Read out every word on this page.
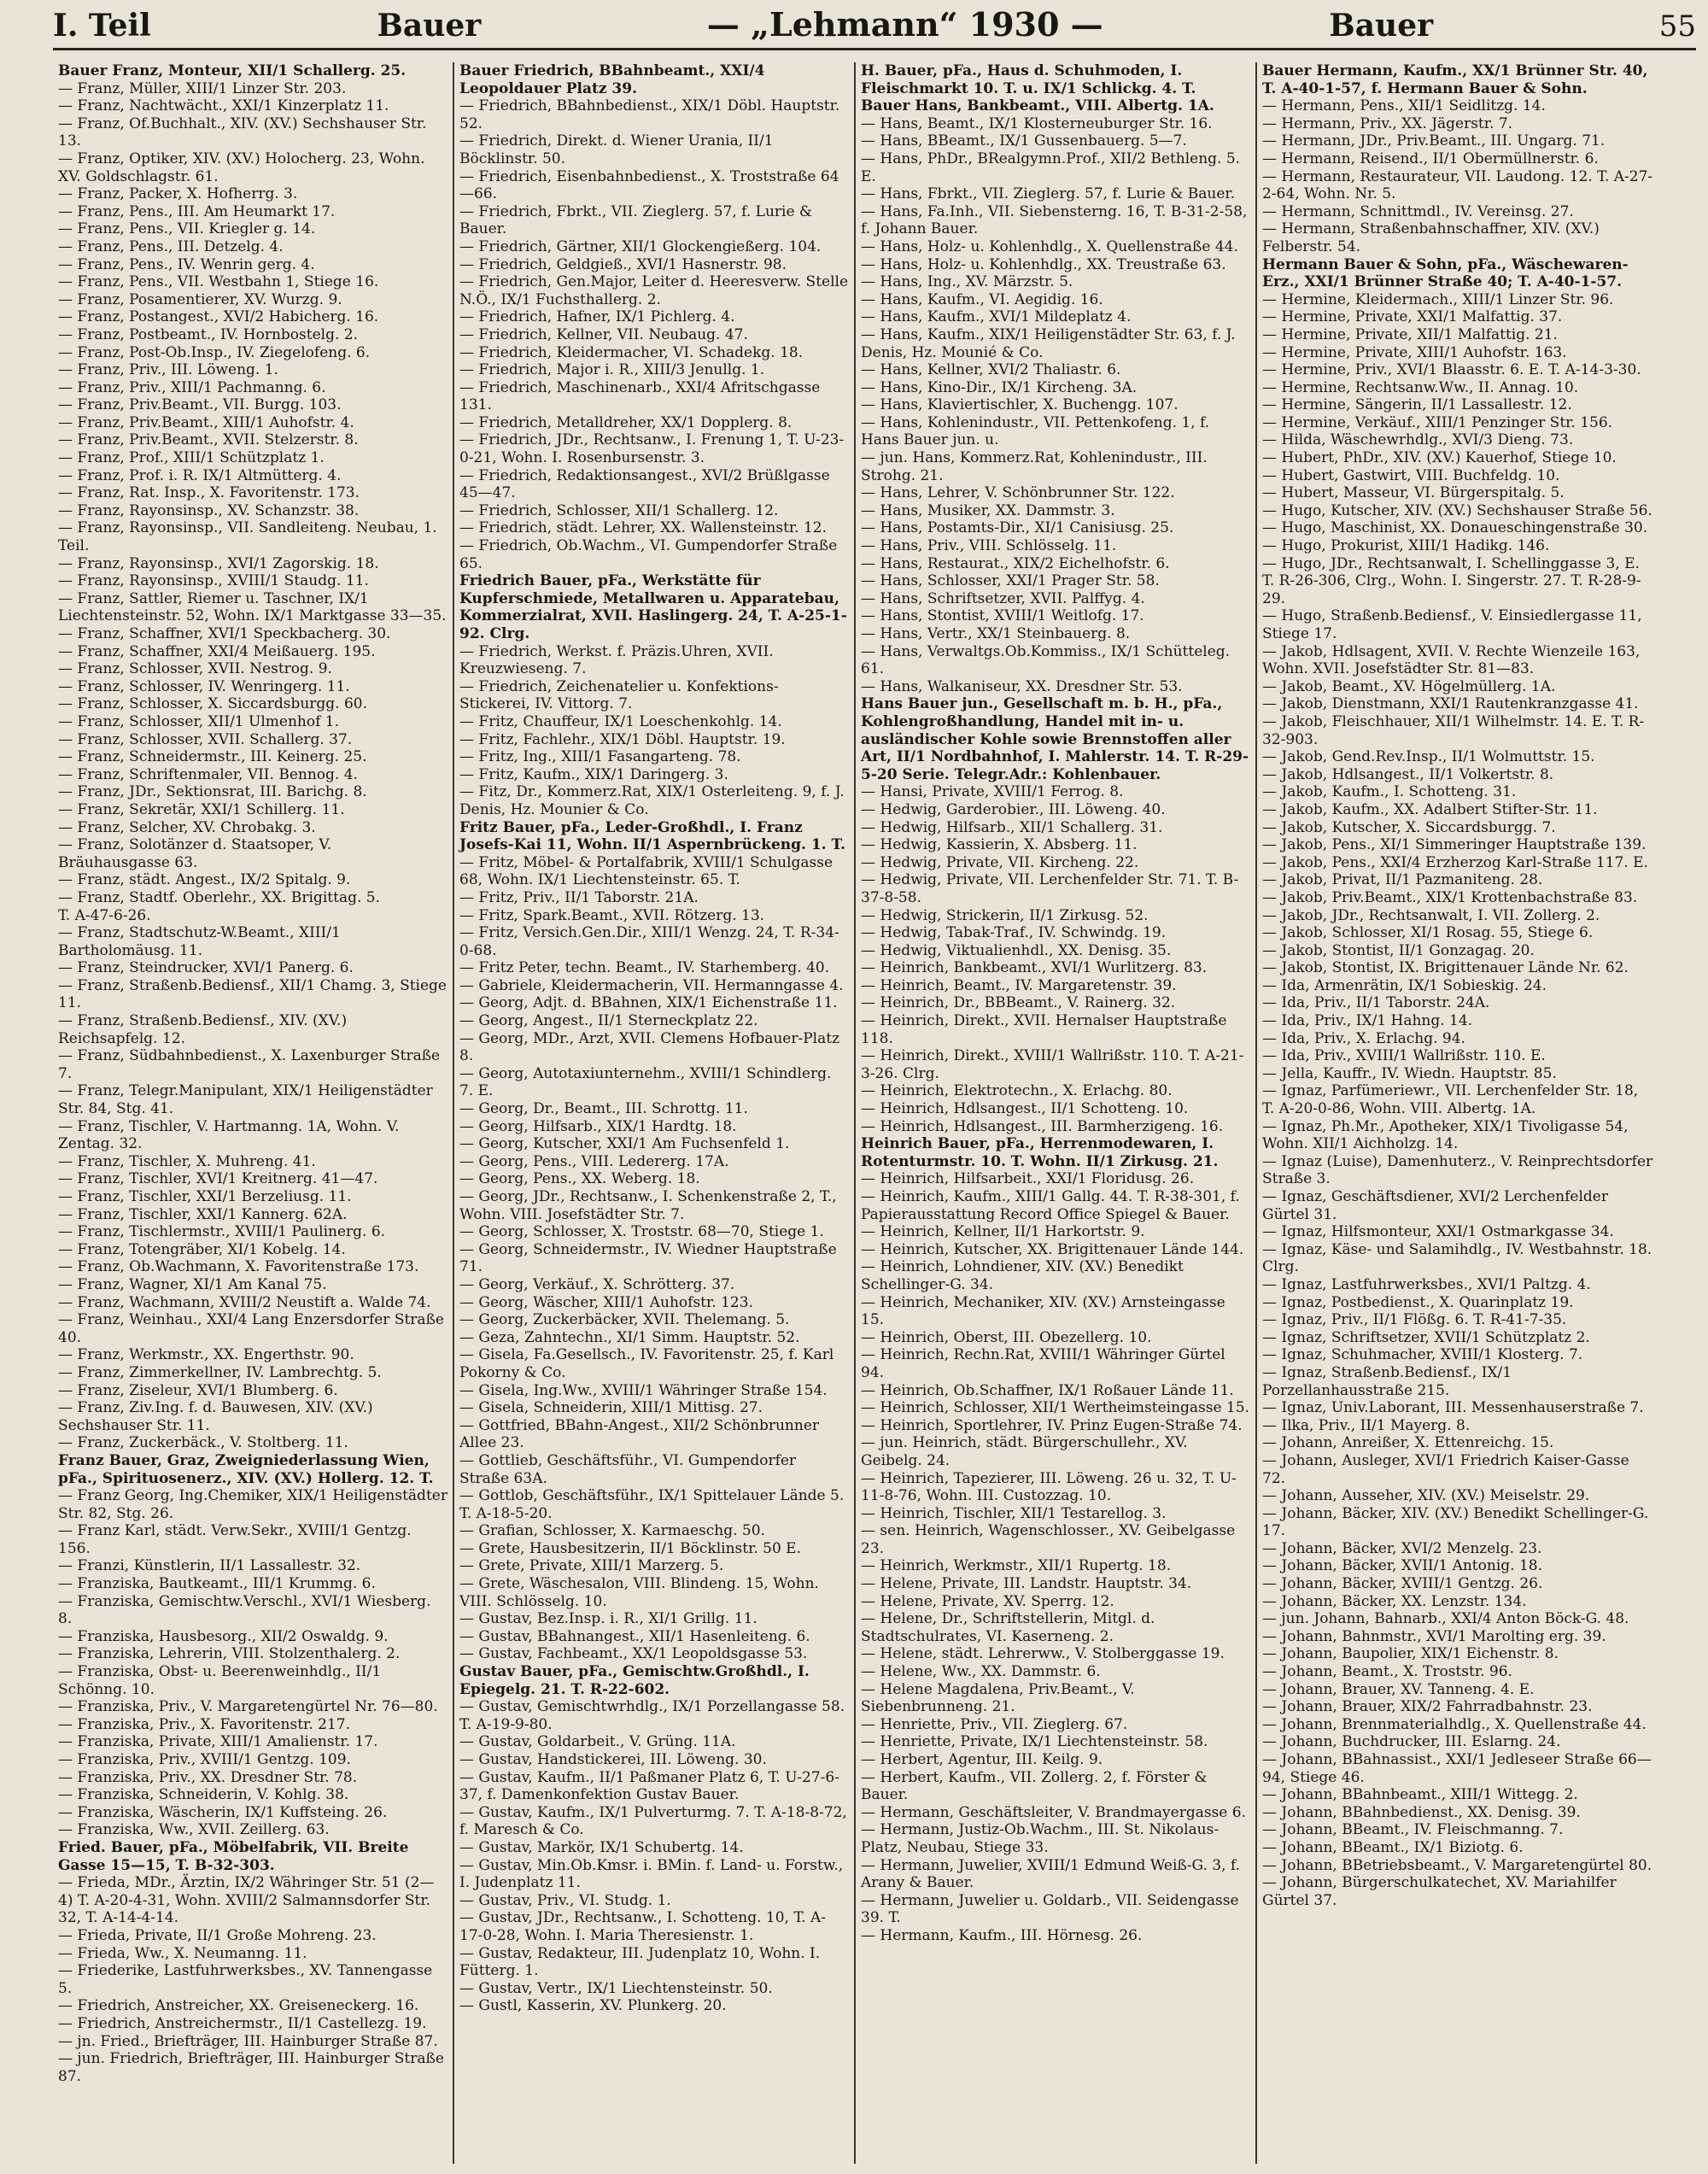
I. Teil	Bauer	— „Lehmann“ 1930 —	Bauer	55

Bauer Franz, Monteur, XII/1 Schallerg. 25.

— Franz, Müller, XIII/1 Linzer Str. 203.

— Franz, Nachtwächt., XXI/1 Kinzerplatz 11.

— Franz, Of.Buchhalt., XIV. (XV.) Sechshauser Str. 13.

— Franz, Optiker, XIV. (XV.) Holocherg. 23, Wohn. XV. Goldschlagstr. 61.

— Franz, Packer, X. Hofherrg. 3.

— Franz, Pens., III. Am Heumarkt 17.

— Franz, Pens., VII. Kriegler g. 14.

— Franz, Pens., III. Detzelg. 4.

— Franz, Pens., IV. Wenrin gerg. 4.

— Franz, Pens., VII. Westbahn 1, Stiege 16.

— Franz, Posamentierer, XV. Wurzg. 9.

— Franz, Postangest., XVI/2 Habicherg. 16.

— Franz, Postbeamt., IV. Hornbostelg. 2.

— Franz, Post-Ob.Insp., IV. Ziegelofeng. 6.

— Franz, Priv., III. Löweng. 1.

— Franz, Priv., XIII/1 Pachmanng. 6.

— Franz, Priv.Beamt., VII. Burgg. 103.

— Franz, Priv.Beamt., XIII/1 Auhofstr. 4.

— Franz, Priv.Beamt., XVII. Stelzerstr. 8.

— Franz, Prof., XIII/1 Schützplatz 1.

— Franz, Prof. i. R. IX/1 Altmütterg. 4.

— Franz, Rat. Insp., X. Favoritenstr. 173.

— Franz, Rayonsinsp., XV. Schanzstr. 38.

— Franz, Rayonsinsp., VII. Sandleiteng. Neubau, 1. Teil.

— Franz, Rayonsinsp., XVI/1 Zagorskig. 18.

— Franz, Rayonsinsp., XVIII/1 Staudg. 11.

— Franz, Sattler, Riemer u. Taschner, IX/1 Liechtensteinstr. 52, Wohn. IX/1 Marktgasse 33—35.

— Franz, Schaffner, XVI/1 Speckbacherg. 30.

— Franz, Schaffner, XXI/4 Meißauerg. 195.

— Franz, Schlosser, XVII. Nestrog. 9.

— Franz, Schlosser, IV. Wenringerg. 11.

— Franz, Schlosser, X. Siccardsburgg. 60.

— Franz, Schlosser, XII/1 Ulmenhof 1.

— Franz, Schlosser, XVII. Schallerg. 37.

— Franz, Schneidermstr., III. Keinerg. 25.

— Franz, Schriftenmaler, VII. Bennog. 4.

— Franz, JDr., Sektionsrat, III. Barichg. 8.

— Franz, Sekretär, XXI/1 Schillerg. 11.

— Franz, Selcher, XV. Chrobakg. 3.

— Franz, Solotänzer d. Staatsoper, V. Bräuhausgasse 63.

— Franz, städt. Angest., IX/2 Spitalg. 9.

— Franz, Stadtf. Oberlehr., XX. Brigittag. 5.

T. A-47-6-26.

— Franz, Stadtschutz-W.Beamt., XIII/1 Bartholomäusg. 11.

— Franz, Steindrucker, XVI/1 Panerg. 6.

— Franz, Straßenb.Bediensf., XII/1 Chamg. 3, Stiege 11.

— Franz, Straßenb.Bediensf., XIV. (XV.) Reichsapfelg. 12.

— Franz, Südbahnbedienst., X. Laxenburger Straße 7.

— Franz, Telegr.Manipulant, XIX/1 Heiligenstädter Str. 84, Stg. 41.

— Franz, Tischler, V. Hartmanng. 1A, Wohn. V. Zentag. 32.

— Franz, Tischler, X. Muhreng. 41.

— Franz, Tischler, XVI/1 Kreitnerg. 41—47.

— Franz, Tischler, XXI/1 Berzeliusg. 11.

— Franz, Tischler, XXI/1 Kannerg. 62A.

— Franz, Tischlermstr., XVIII/1 Paulinerg. 6.

— Franz, Totengräber, XI/1 Kobelg. 14.

— Franz, Ob.Wachmann, X. Favoritenstraße 173.

— Franz, Wagner, XI/1 Am Kanal 75.

— Franz, Wachmann, XVIII/2 Neustift a. Walde 74.

— Franz, Weinhau., XXI/4 Lang Enzersdorfer Straße 40.

— Franz, Werkmstr., XX. Engerthstr. 90.

— Franz, Zimmerkellner, IV. Lambrechtg. 5.

— Franz, Ziseleur, XVI/1 Blumberg. 6.

— Franz, Ziv.Ing. f. d. Bauwesen, XIV. (XV.) Sechshauser Str. 11.

— Franz, Zuckerbäck., V. Stoltberg. 11.

Franz Bauer, Graz, Zweigniederlassung Wien, pFa., Spirituosenerz., XIV. (XV.) Hollerg. 12. T.

— Franz Georg, Ing.Chemiker, XIX/1 Heiligenstädter Str. 82, Stg. 26.

— Franz Karl, städt. Verw.Sekr., XVIII/1 Gentzg. 156.

— Franzi, Künstlerin, II/1 Lassallestr. 32.

— Franziska, Bautkeamt., III/1 Krummg. 6.

— Franziska, Gemischtw.Verschl., XVI/1 Wiesberg. 8.

— Franziska, Hausbesorg., XII/2 Oswaldg. 9.

— Franziska, Lehrerin, VIII. Stolzenthalerg. 2.

— Franziska, Obst- u. Beerenweinhdlg., II/1 Schönng. 10.

— Franziska, Priv., V. Margaretengürtel Nr. 76—80.

— Franziska, Priv., X. Favoritenstr. 217.

— Franziska, Private, XIII/1 Amalienstr. 17.

— Franziska, Priv., XVIII/1 Gentzg. 109.

— Franziska, Priv., XX. Dresdner Str. 78.

— Franziska, Schneiderin, V. Kohlg. 38.

— Franziska, Wäscherin, IX/1 Kuffsteing. 26.

— Franziska, Ww., XVII. Zeillerg. 63.

Fried. Bauer, pFa., Möbelfabrik, VII. Breite Gasse 15—15, T. B-32-303.

— Frieda, MDr., Ärztin, IX/2 Währinger Str. 51 (2—4) T. A-20-4-31, Wohn. XVIII/2 Salmannsdorfer Str. 32, T. A-14-4-14.

— Frieda, Private, II/1 Große Mohreng. 23.

— Frieda, Ww., X. Neumanng. 11.

— Friederike, Lastfuhrwerksbes., XV. Tannengasse 5.

— Friedrich, Anstreicher, XX. Greiseneckerg. 16.

— Friedrich, Anstreichermstr., II/1 Castellezg. 19.

— jn. Fried., Briefträger, III. Hainburger Straße 87.

— jun. Friedrich, Briefträger, III. Hainburger Straße 87.

Bauer Friedrich, BBahnbeamt., XXI/4 Leopoldauer Platz 39.

— Friedrich, BBahnbedienst., XIX/1 Döbl. Hauptstr. 52.

— Friedrich, Direkt. d. Wiener Urania, II/1 Böcklinstr. 50.

— Friedrich, Eisenbahnbedienst., X. Troststraße 64—66.

— Friedrich, Fbrkt., VII. Zieglerg. 57, f. Lurie & Bauer.

— Friedrich, Gärtner, XII/1 Glockengießerg. 104.

— Friedrich, Geldgieß., XVI/1 Hasnerstr. 98.

— Friedrich, Gen.Major, Leiter d. Heeresverw. Stelle N.Ö., IX/1 Fuchsthallerg. 2.

— Friedrich, Hafner, IX/1 Pichlerg. 4.

— Friedrich, Kellner, VII. Neubaug. 47.

— Friedrich, Kleidermacher, VI. Schadekg. 18.

— Friedrich, Major i. R., XIII/3 Jenullg. 1.

— Friedrich, Maschinenarb., XXI/4 Afritschgasse 131.

— Friedrich, Metalldreher, XX/1 Dopplerg. 8.

— Friedrich, JDr., Rechtsanw., I. Frenung 1, T. U-23-0-21, Wohn. I. Rosenbursenstr. 3.

— Friedrich, Redaktionsangest., XVI/2 Brüßlgasse 45—47.

— Friedrich, Schlosser, XII/1 Schallerg. 12.

— Friedrich, städt. Lehrer, XX. Wallensteinstr. 12.

— Friedrich, Ob.Wachm., VI. Gumpendorfer Straße 65.

Friedrich Bauer, pFa., Werkstätte für Kupferschmiede, Metallwaren u. Apparatebau, Kommerzialrat, XVII. Haslingerg. 24, T. A-25-1-92. Clrg.

— Friedrich, Werkst. f. Präzis.Uhren, XVII. Kreuzwieseng. 7.

— Friedrich, Zeichenatelier u. Konfektions-Stickerei, IV. Vittorg. 7.

— Fritz, Chauffeur, IX/1 Loeschenkohlg. 14.

— Fritz, Fachlehr., XIX/1 Döbl. Hauptstr. 19.

— Fritz, Ing., XIII/1 Fasangarteng. 78.

— Fritz, Kaufm., XIX/1 Daringerg. 3.

— Fitz, Dr., Kommerz.Rat, XIX/1 Osterleiteng. 9, f. J. Denis, Hz. Mounier & Co.

Fritz Bauer, pFa., Leder-Großhdl., I. Franz Josefs-Kai 11, Wohn. II/1 Aspernbrückeng. 1. T.

— Fritz, Möbel- & Portalfabrik, XVIII/1 Schulgasse 68, Wohn. IX/1 Liechtensteinstr. 65. T.

— Fritz, Priv., II/1 Taborstr. 21A.

— Fritz, Spark.Beamt., XVII. Rötzerg. 13.

— Fritz, Versich.Gen.Dir., XIII/1 Wenzg. 24, T. R-34-0-68.

— Fritz Peter, techn. Beamt., IV. Starhemberg. 40.

— Gabriele, Kleidermacherin, VII. Hermanngasse 4.

— Georg, Adjt. d. BBahnen, XIX/1 Eichenstraße 11.

— Georg, Angest., II/1 Sterneckplatz 22.

— Georg, MDr., Arzt, XVII. Clemens Hofbauer-Platz 8.

— Georg, Autotaxiunternehm., XVIII/1 Schindlerg. 7. E.

— Georg, Dr., Beamt., III. Schrottg. 11.

— Georg, Hilfsarb., XIX/1 Hardtg. 18.

— Georg, Kutscher, XXI/1 Am Fuchsenfeld 1.

— Georg, Pens., VIII. Ledererg. 17A.

— Georg, Pens., XX. Weberg. 18.

— Georg, JDr., Rechtsanw., I. Schenkenstraße 2, T., Wohn. VIII. Josefstädter Str. 7.

— Georg, Schlosser, X. Troststr. 68—70, Stiege 1.

— Georg, Schneidermstr., IV. Wiedner Hauptstraße 71.

— Georg, Verkäuf., X. Schrötterg. 37.

— Georg, Wäscher, XIII/1 Auhofstr. 123.

— Georg, Zuckerbäcker, XVII. Thelemang. 5.

— Geza, Zahntechn., XI/1 Simm. Hauptstr. 52.

— Gisela, Fa.Gesellsch., IV. Favoritenstr. 25, f. Karl Pokorny & Co.

— Gisela, Ing.Ww., XVIII/1 Währinger Straße 154.

— Gisela, Schneiderin, XIII/1 Mittisg. 27.

— Gottfried, BBahn-Angest., XII/2 Schönbrunner Allee 23.

— Gottlieb, Geschäftsführ., VI. Gumpendorfer Straße 63A.

— Gottlob, Geschäftsführ., IX/1 Spittelauer Lände 5. T. A-18-5-20.

— Grafian, Schlosser, X. Karmaeschg. 50.

— Grete, Hausbesitzerin, II/1 Böcklinstr. 50 E.

— Grete, Private, XIII/1 Marzerg. 5.

— Grete, Wäschesalon, VIII. Blindeng. 15, Wohn. VIII. Schlösselg. 10.

— Gustav, Bez.Insp. i. R., XI/1 Grillg. 11.

— Gustav, BBahnangest., XII/1 Hasenleiteng. 6.

— Gustav, Fachbeamt., XX/1 Leopoldsgasse 53.

Gustav Bauer, pFa., Gemischtw.Großhdl., I. Epiegelg. 21. T. R-22-602.

— Gustav, Gemischtwrhdlg., IX/1 Porzellangasse 58. T. A-19-9-80.

— Gustav, Goldarbeit., V. Grüng. 11A.

— Gustav, Handstickerei, III. Löweng. 30.

— Gustav, Kaufm., II/1 Paßmaner Platz 6, T. U-27-6-37, f. Damenkonfektion Gustav Bauer.

— Gustav, Kaufm., IX/1 Pulverturmg. 7. T. A-18-8-72, f. Maresch & Co.

— Gustav, Markör, IX/1 Schubertg. 14.

— Gustav, Min.Ob.Kmsr. i. BMin. f. Land- u. Forstw., I. Judenplatz 11.

— Gustav, Priv., VI. Studg. 1.

— Gustav, JDr., Rechtsanw., I. Schotteng. 10, T. A-17-0-28, Wohn. I. Maria Theresienstr. 1.

— Gustav, Redakteur, III. Judenplatz 10, Wohn. I. Fütterg. 1.

— Gustav, Vertr., IX/1 Liechtensteinstr. 50.

— Gustl, Kasserin, XV. Plunkerg. 20.

H. Bauer, pFa., Haus d. Schuhmoden, I. Fleischmarkt 10. T. u. IX/1 Schlickg. 4. T.

Bauer Hans, Bankbeamt., VIII. Albertg. 1A.

— Hans, Beamt., IX/1 Klosterneuburger Str. 16.

— Hans, BBeamt., IX/1 Gussenbauerg. 5—7.

— Hans, PhDr., BRealgymn.Prof., XII/2 Bethleng. 5. E.

— Hans, Fbrkt., VII. Zieglerg. 57, f. Lurie & Bauer.

— Hans, Fa.Inh., VII. Siebensterng. 16, T. B-31-2-58, f. Johann Bauer.

— Hans, Holz- u. Kohlenhdlg., X. Quellenstraße 44.

— Hans, Holz- u. Kohlenhdlg., XX. Treustraße 63.

— Hans, Ing., XV. Märzstr. 5.

— Hans, Kaufm., VI. Aegidig. 16.

— Hans, Kaufm., XVI/1 Mildeplatz 4.

— Hans, Kaufm., XIX/1 Heiligenstädter Str. 63, f. J. Denis, Hz. Mounié & Co.

— Hans, Kellner, XVI/2 Thaliastr. 6.

— Hans, Kino-Dir., IX/1 Kircheng. 3A.

— Hans, Klaviertischler, X. Buchengg. 107.

— Hans, Kohlenindustr., VII. Pettenkofeng. 1, f. Hans Bauer jun. u.

— jun. Hans, Kommerz.Rat, Kohlenindustr., III. Strohg. 21.

— Hans, Lehrer, V. Schönbrunner Str. 122.

— Hans, Musiker, XX. Dammstr. 3.

— Hans, Postamts-Dir., XI/1 Canisiusg. 25.

— Hans, Priv., VIII. Schlösselg. 11.

— Hans, Restaurat., XIX/2 Eichelhofstr. 6.

— Hans, Schlosser, XXI/1 Prager Str. 58.

— Hans, Schriftsetzer, XVII. Palffyg. 4.

— Hans, Stontist, XVIII/1 Weitlofg. 17.

— Hans, Vertr., XX/1 Steinbauerg. 8.

— Hans, Verwaltgs.Ob.Kommiss., IX/1 Schütteleg. 61.

— Hans, Walkaniseur, XX. Dresdner Str. 53.

Hans Bauer jun., Gesellschaft m. b. H., pFa., Kohlengroßhandlung, Handel mit in- u. ausländischer Kohle sowie Brennstoffen aller Art, II/1 Nordbahnhof, I. Mahlerstr. 14. T. R-29-5-20 Serie. Telegr.Adr.: Kohlenbauer.

— Hansi, Private, XVIII/1 Ferrog. 8.

— Hedwig, Garderobier., III. Löweng. 40.

— Hedwig, Hilfsarb., XII/1 Schallerg. 31.

— Hedwig, Kassierin, X. Absberg. 11.

— Hedwig, Private, VII. Kircheng. 22.

— Hedwig, Private, VII. Lerchenfelder Str. 71. T. B-37-8-58.

— Hedwig, Strickerin, II/1 Zirkusg. 52.

— Hedwig, Tabak-Traf., IV. Schwindg. 19.

— Hedwig, Viktualienhdl., XX. Denisg. 35.

— Heinrich, Bankbeamt., XVI/1 Wurlitzerg. 83.

— Heinrich, Beamt., IV. Margaretenstr. 39.

— Heinrich, Dr., BBBeamt., V. Rainerg. 32.

— Heinrich, Direkt., XVII. Hernalser Hauptstraße 118.

— Heinrich, Direkt., XVIII/1 Wallrißstr. 110. T. A-21-3-26. Clrg.

— Heinrich, Elektrotechn., X. Erlachg. 80.

— Heinrich, Hdlsangest., II/1 Schotteng. 10.

— Heinrich, Hdlsangest., III. Barmherzigeng. 16.

Heinrich Bauer, pFa., Herrenmodewaren, I. Rotenturmstr. 10. T. Wohn. II/1 Zirkusg. 21.

— Heinrich, Hilfsarbeit., XXI/1 Floridusg. 26.

— Heinrich, Kaufm., XIII/1 Gallg. 44. T. R-38-301, f. Papierausstattung Record Office Spiegel & Bauer.

— Heinrich, Kellner, II/1 Harkortstr. 9.

— Heinrich, Kutscher, XX. Brigittenauer Lände 144.

— Heinrich, Lohndiener, XIV. (XV.) Benedikt Schellinger-G. 34.

— Heinrich, Mechaniker, XIV. (XV.) Arnsteingasse 15.

— Heinrich, Oberst, III. Obezellerg. 10.

— Heinrich, Rechn.Rat, XVIII/1 Währinger Gürtel 94.

— Heinrich, Ob.Schaffner, IX/1 Roßauer Lände 11.

— Heinrich, Schlosser, XII/1 Wertheimsteingasse 15.

— Heinrich, Sportlehrer, IV. Prinz Eugen-Straße 74.

— jun. Heinrich, städt. Bürgerschullehr., XV. Geibelg. 24.

— Heinrich, Tapezierer, III. Löweng. 26 u. 32, T. U-11-8-76, Wohn. III. Custozzag. 10.

— Heinrich, Tischler, XII/1 Testarellog. 3.

— sen. Heinrich, Wagenschlosser., XV. Geibelgasse 23.

— Heinrich, Werkmstr., XII/1 Rupertg. 18.

— Helene, Private, III. Landstr. Hauptstr. 34.

— Helene, Private, XV. Sperrg. 12.

— Helene, Dr., Schriftstellerin, Mitgl. d. Stadtschulrates, VI. Kaserneng. 2.

— Helene, städt. Lehrerww., V. Stolberggasse 19.

— Helene, Ww., XX. Dammstr. 6.

— Helene Magdalena, Priv.Beamt., V. Siebenbrunneng. 21.

— Henriette, Priv., VII. Zieglerg. 67.

— Henriette, Private, IX/1 Liechtensteinstr. 58.

— Herbert, Agentur, III. Keilg. 9.

— Herbert, Kaufm., VII. Zollerg. 2, f. Förster & Bauer.

— Hermann, Geschäftsleiter, V. Brandmayergasse 6.

— Hermann, Justiz-Ob.Wachm., III. St. Nikolaus-Platz, Neubau, Stiege 33.

— Hermann, Juwelier, XVIII/1 Edmund Weiß-G. 3, f. Arany & Bauer.

— Hermann, Juwelier u. Goldarb., VII. Seidengasse 39. T.

— Hermann, Kaufm., III. Hörnesg. 26.

Bauer Hermann, Kaufm., XX/1 Brünner Str. 40, T. A-40-1-57, f. Hermann Bauer & Sohn.

— Hermann, Pens., XII/1 Seidlitzg. 14.

— Hermann, Priv., XX. Jägerstr. 7.

— Hermann, JDr., Priv.Beamt., III. Ungarg. 71.

— Hermann, Reisend., II/1 Obermüllnerstr. 6.

— Hermann, Restaurateur, VII. Laudong. 12. T. A-27-2-64, Wohn. Nr. 5.

— Hermann, Schnittmdl., IV. Vereinsg. 27.

— Hermann, Straßenbahnschaffner, XIV. (XV.) Felberstr. 54.

Hermann Bauer & Sohn, pFa., Wäschewaren-Erz., XXI/1 Brünner Straße 40; T. A-40-1-57.

— Hermine, Kleidermach., XIII/1 Linzer Str. 96.

— Hermine, Private, XXI/1 Malfattig. 37.

— Hermine, Private, XII/1 Malfattig. 21.

— Hermine, Private, XIII/1 Auhofstr. 163.

— Hermine, Priv., XVI/1 Blaasstr. 6. E. T. A-14-3-30.

— Hermine, Rechtsanw.Ww., II. Annag. 10.

— Hermine, Sängerin, II/1 Lassallestr. 12.

— Hermine, Verkäuf., XIII/1 Penzinger Str. 156.

— Hilda, Wäschewrhdlg., XVI/3 Dieng. 73.

— Hubert, PhDr., XIV. (XV.) Kauerhof, Stiege 10.

— Hubert, Gastwirt, VIII. Buchfeldg. 10.

— Hubert, Masseur, VI. Bürgerspitalg. 5.

— Hugo, Kutscher, XIV. (XV.) Sechshauser Straße 56.

— Hugo, Maschinist, XX. Donaueschingenstraße 30.

— Hugo, Prokurist, XIII/1 Hadikg. 146.

— Hugo, JDr., Rechtsanwalt, I. Schellinggasse 3, E. T. R-26-306, Clrg., Wohn. I. Singerstr. 27. T. R-28-9-29.

— Hugo, Straßenb.Bediensf., V. Einsiedlergasse 11, Stiege 17.

— Jakob, Hdlsagent, XVII. V. Rechte Wienzeile 163, Wohn. XVII. Josefstädter Str. 81—83.

— Jakob, Beamt., XV. Högelmüllerg. 1A.

— Jakob, Dienstmann, XXI/1 Rautenkranzgasse 41.

— Jakob, Fleischhauer, XII/1 Wilhelmstr. 14. E. T. R-32-903.

— Jakob, Gend.Rev.Insp., II/1 Wolmuttstr. 15.

— Jakob, Hdlsangest., II/1 Volkertstr. 8.

— Jakob, Kaufm., I. Schotteng. 31.

— Jakob, Kaufm., XX. Adalbert Stifter-Str. 11.

— Jakob, Kutscher, X. Siccardsburgg. 7.

— Jakob, Pens., XI/1 Simmeringer Hauptstraße 139.

— Jakob, Pens., XXI/4 Erzherzog Karl-Straße 117. E.

— Jakob, Privat, II/1 Pazmaniteng. 28.

— Jakob, Priv.Beamt., XIX/1 Krottenbachstraße 83.

— Jakob, JDr., Rechtsanwalt, I. VII. Zollerg. 2.

— Jakob, Schlosser, XI/1 Rosag. 55, Stiege 6.

— Jakob, Stontist, II/1 Gonzagag. 20.

— Jakob, Stontist, IX. Brigittenauer Lände Nr. 62.

— Ida, Armenrätin, IX/1 Sobieskig. 24.

— Ida, Priv., II/1 Taborstr. 24A.

— Ida, Priv., IX/1 Hahng. 14.

— Ida, Priv., X. Erlachg. 94.

— Ida, Priv., XVIII/1 Wallrißstr. 110. E.

— Jella, Kauffr., IV. Wiedn. Hauptstr. 85.

— Ignaz, Parfümeriewr., VII. Lerchenfelder Str. 18, T. A-20-0-86, Wohn. VIII. Albertg. 1A.

— Ignaz, Ph.Mr., Apotheker, XIX/1 Tivoligasse 54, Wohn. XII/1 Aichholzg. 14.

— Ignaz (Luise), Damenhuterz., V. Reinprechtsdorfer Straße 3.

— Ignaz, Geschäftsdiener, XVI/2 Lerchenfelder Gürtel 31.

— Ignaz, Hilfsmonteur, XXI/1 Ostmarkgasse 34.

— Ignaz, Käse- und Salamihdlg., IV. Westbahnstr. 18. Clrg.

— Ignaz, Lastfuhrwerksbes., XVI/1 Paltzg. 4.

— Ignaz, Postbedienst., X. Quarinplatz 19.

— Ignaz, Priv., II/1 Flößg. 6. T. R-41-7-35.

— Ignaz, Schriftsetzer, XVII/1 Schützplatz 2.

— Ignaz, Schuhmacher, XVIII/1 Klosterg. 7.

— Ignaz, Straßenb.Bediensf., IX/1 Porzellanhausstraße 215.

— Ignaz, Univ.Laborant, III. Messenhauserstraße 7.

— Ilka, Priv., II/1 Mayerg. 8.

— Johann, Anreißer, X. Ettenreichg. 15.

— Johann, Ausleger, XVI/1 Friedrich Kaiser-Gasse 72.

— Johann, Ausseher, XIV. (XV.) Meiselstr. 29.

— Johann, Bäcker, XIV. (XV.) Benedikt Schellinger-G. 17.

— Johann, Bäcker, XVI/2 Menzelg. 23.

— Johann, Bäcker, XVII/1 Antonig. 18.

— Johann, Bäcker, XVIII/1 Gentzg. 26.

— Johann, Bäcker, XX. Lenzstr. 134.

— jun. Johann, Bahnarb., XXI/4 Anton Böck-G. 48.

— Johann, Bahnmstr., XVI/1 Marolting erg. 39.

— Johann, Baupolier, XIX/1 Eichenstr. 8.

— Johann, Beamt., X. Troststr. 96.

— Johann, Brauer, XV. Tanneng. 4. E.

— Johann, Brauer, XIX/2 Fahrradbahnstr. 23.

— Johann, Brennmaterialhdlg., X. Quellenstraße 44.

— Johann, Buchdrucker, III. Eslarng. 24.

— Johann, BBahnassist., XXI/1 Jedleseer Straße 66—94, Stiege 46.

— Johann, BBahnbeamt., XIII/1 Wittegg. 2.

— Johann, BBahnbedienst., XX. Denisg. 39.

— Johann, BBeamt., IV. Fleischmanng. 7.

— Johann, BBeamt., IX/1 Biziotg. 6.

— Johann, BBetriebsbeamt., V. Margaretengürtel 80.

— Johann, Bürgerschulkatechet, XV. Mariahilfer Gürtel 37.
